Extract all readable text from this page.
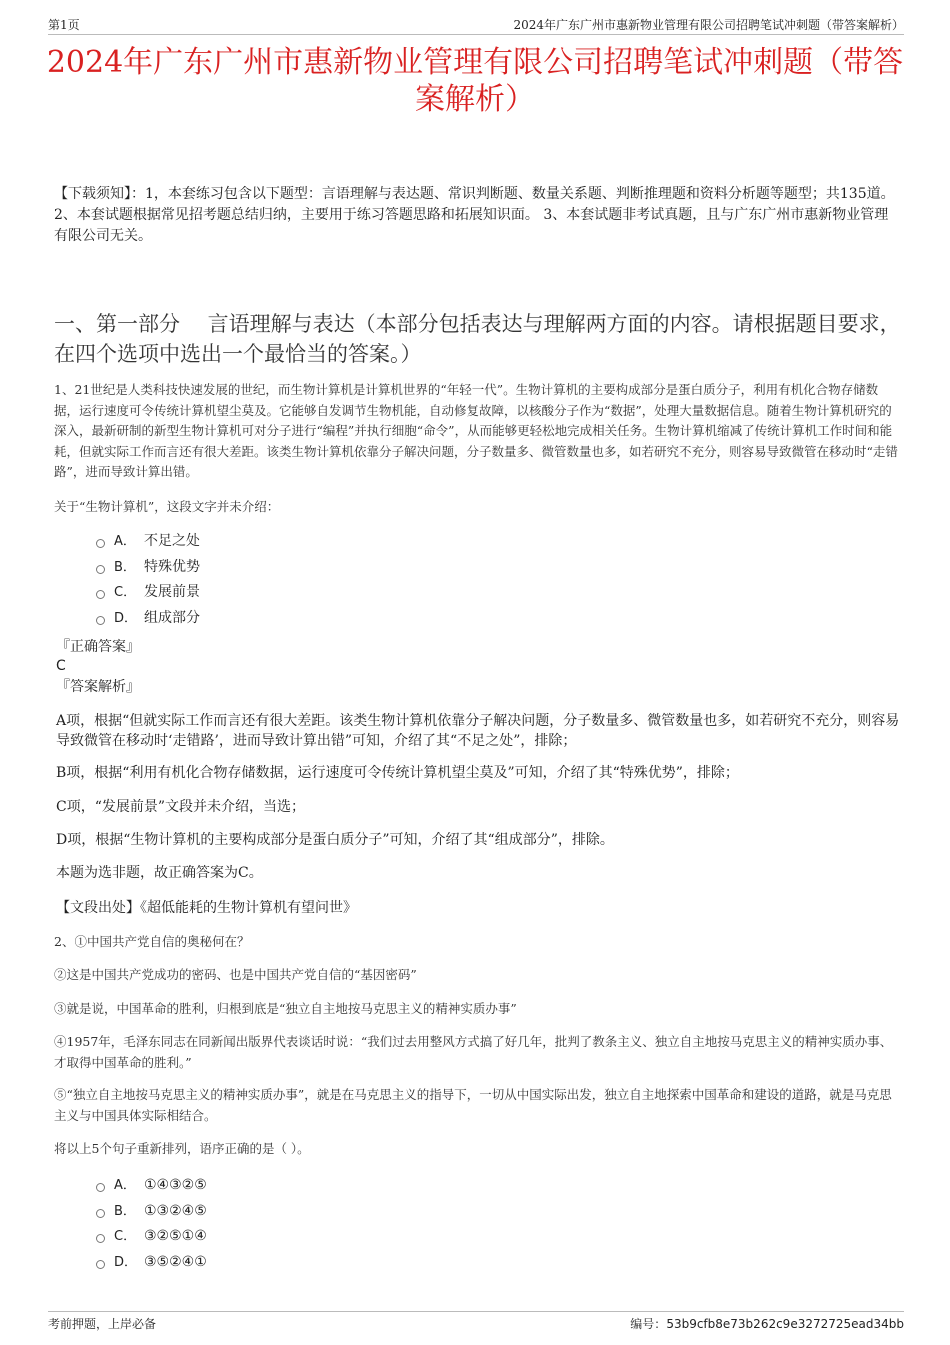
第1页	2024年广东广州市惠新物业管理有限公司招聘笔试冲刺题（带答案解析）
2024年广东广州市惠新物业管理有限公司招聘笔试冲刺题（带答案解析）
【下载须知】：1，本套练习包含以下题型：言语理解与表达题、常识判断题、数量关系题、判断推理题和资料分析题等题型；共135道。 2、本套试题根据常见招考题总结归纳，主要用于练习答题思路和拓展知识面。 3、本套试题非考试真题，且与广东广州市惠新物业管理有限公司无关。
一、第一部分　 言语理解与表达（本部分包括表达与理解两方面的内容。请根据题目要求，在四个选项中选出一个最恰当的答案。）

1、21世纪是人类科技快速发展的世纪，而生物计算机是计算机世界的“年轻一代”。生物计算机的主要构成部分是蛋白质分子，利用有机化合物存储数据，运行速度可令传统计算机望尘莫及。它能够自发调节生物机能，自动修复故障，以核酸分子作为“数据”，处理大量数据信息。随着生物计算机研究的深入，最新研制的新型生物计算机可对分子进行“编程”并执行细胞“命令”，从而能够更轻松地完成相关任务。生物计算机缩减了传统计算机工作时间和能耗，但就实际工作而言还有很大差距。该类生物计算机依靠分子解决问题，分子数量多、微管数量也多，如若研究不充分，则容易导致微管在移动时“走错路”，进而导致计算出错。

关于“生物计算机”，这段文字并未介绍：

A． 不足之处
B． 特殊优势
C． 发展前景
D． 组成部分
『正确答案』
C
『答案解析』

A项，根据“但就实际工作而言还有很大差距。该类生物计算机依靠分子解决问题，分子数量多、微管数量也多，如若研究不充分，则容易导致微管在移动时‘走错路’，进而导致计算出错”可知，介绍了其“不足之处”，排除；

B项，根据“利用有机化合物存储数据，运行速度可令传统计算机望尘莫及”可知，介绍了其“特殊优势”，排除；

C项，“发展前景”文段并未介绍，当选；

D项，根据“生物计算机的主要构成部分是蛋白质分子”可知，介绍了其“组成部分”，排除。

本题为选非题，故正确答案为C。

【文段出处】《超低能耗的生物计算机有望问世》

2、①中国共产党自信的奥秘何在？

②这是中国共产党成功的密码、也是中国共产党自信的“基因密码”

③就是说，中国革命的胜利，归根到底是“独立自主地按马克思主义的精神实质办事”

④1957年，毛泽东同志在同新闻出版界代表谈话时说：“我们过去用整风方式搞了好几年，批判了教条主义、独立自主地按马克思主义的精神实质办事、才取得中国革命的胜利。”

⑤“独立自主地按马克思主义的精神实质办事”，就是在马克思主义的指导下，一切从中国实际出发，独立自主地探索中国革命和建设的道路，就是马克思主义与中国具体实际相结合。

将以上5个句子重新排列，语序正确的是（ ）。

A． ①④③②⑤
B． ①③②④⑤
C． ③②⑤①④
D． ③⑤②④①
考前押题，上岸必备	编号：53b9cfb8e73b262c9e3272725ead34bb
